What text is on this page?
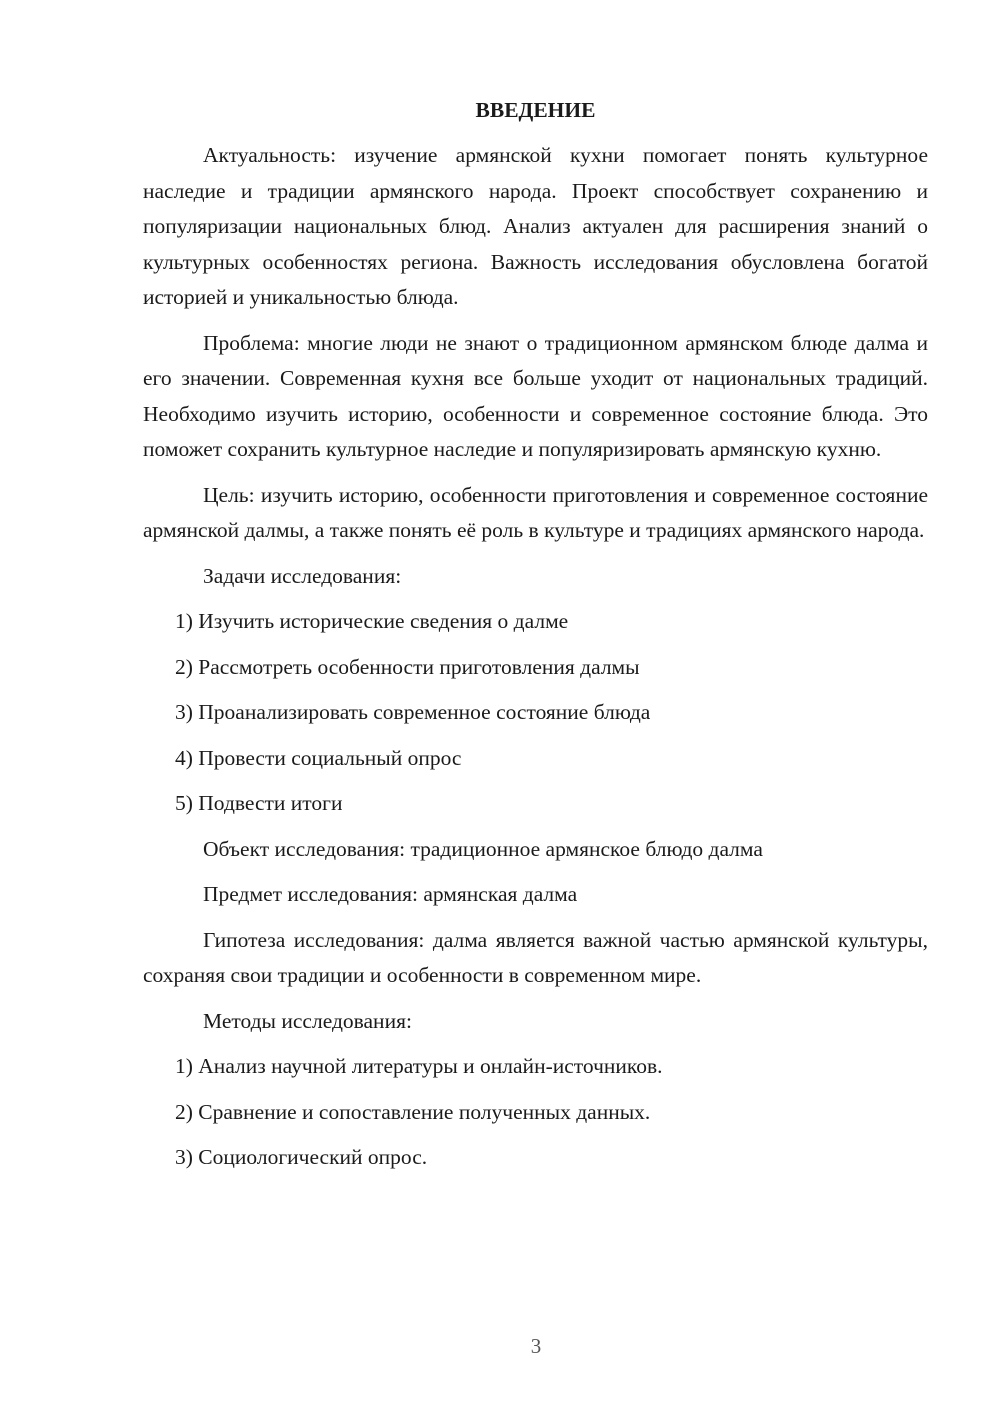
ВВЕДЕНИЕ

Актуальность: изучение армянской кухни помогает понять культурное наследие и традиции армянского народа. Проект способствует сохранению и популяризации национальных блюд. Анализ актуален для расширения знаний о культурных особенностях региона. Важность исследования обусловлена богатой историей и уникальностью блюда.

Проблема: многие люди не знают о традиционном армянском блюде далма и его значении. Современная кухня все больше уходит от национальных традиций. Необходимо изучить историю, особенности и современное состояние блюда. Это поможет сохранить культурное наследие и популяризировать армянскую кухню.

Цель: изучить историю, особенности приготовления и современное состояние армянской далмы, а также понять её роль в культуре и традициях армянского народа.

Задачи исследования:

1) Изучить исторические сведения о далме

2) Рассмотреть особенности приготовления далмы

3) Проанализировать современное состояние блюда

4) Провести социальный опрос

5) Подвести итоги

Объект исследования: традиционное армянское блюдо далма

Предмет исследования: армянская далма

Гипотеза исследования: далма является важной частью армянской культуры, сохраняя свои традиции и особенности в современном мире.

Методы исследования:

1) Анализ научной литературы и онлайн-источников.

2) Сравнение и сопоставление полученных данных.

3) Социологический опрос.

3
